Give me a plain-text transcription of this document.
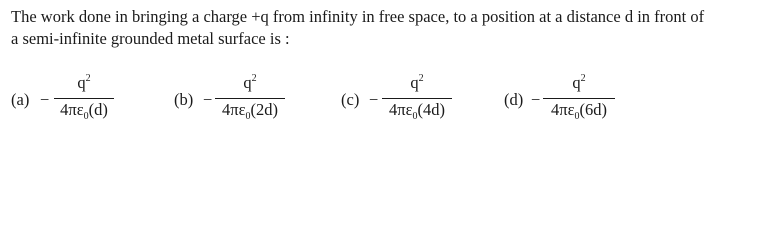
The work done in bringing a charge +q from infinity in free space, to a position at a distance d in front of
a semi-infinite grounded metal surface is :
(a) −
$q^2$
$4\pi\varepsilon_0(d)$
(b) −
$q^2$
$4\pi\varepsilon_0(2d)$
(c) −
$q^2$
$4\pi\varepsilon_0(4d)$
(d) −
$q^2$
$4\pi\varepsilon_0(6d)$
